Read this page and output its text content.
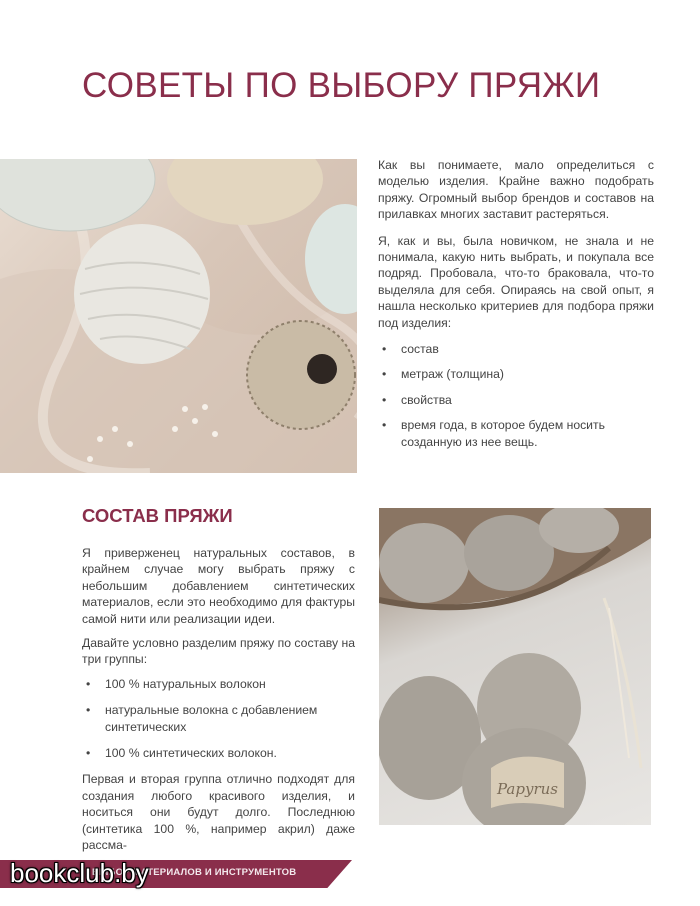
СОВЕТЫ ПО ВЫБОРУ ПРЯЖИ

Как вы понимаете, мало определиться с моделью изделия. Крайне важно подобрать пряжу. Огромный выбор брендов и составов на прилавках многих заставит растеряться.

Я, как и вы, была новичком, не знала и не понимала, какую нить выбрать, и покупала все подряд. Пробовала, что-то браковала, что-то выделяла для себя. Опираясь на свой опыт, я нашла несколько критериев для подбора пряжи под изделия:

• состав
• метраж (толщина)
• свойства
• время года, в которое будем носить созданную из нее вещь.
СОСТАВ ПРЯЖИ

Я приверженец натуральных составов, в крайнем случае могу выбрать пряжу с небольшим добавлением синтетических материалов, если это необходимо для фактуры самой нити или реализации идеи.

Давайте условно разделим пряжу по составу на три группы:

• 100 % натуральных волокон
• натуральные волокна с добавлением синтетических
• 100 % синтетических волокон.

Первая и вторая группа отлично подходят для создания любого красивого изделия, и носиться они будут долго. Последнюю (синтетика 100 %, например акрил) даже рассма-

Papyrus
ВЫБОР МАТЕРИАЛОВ И ИНСТРУМЕНТОВ
bookclub.by
